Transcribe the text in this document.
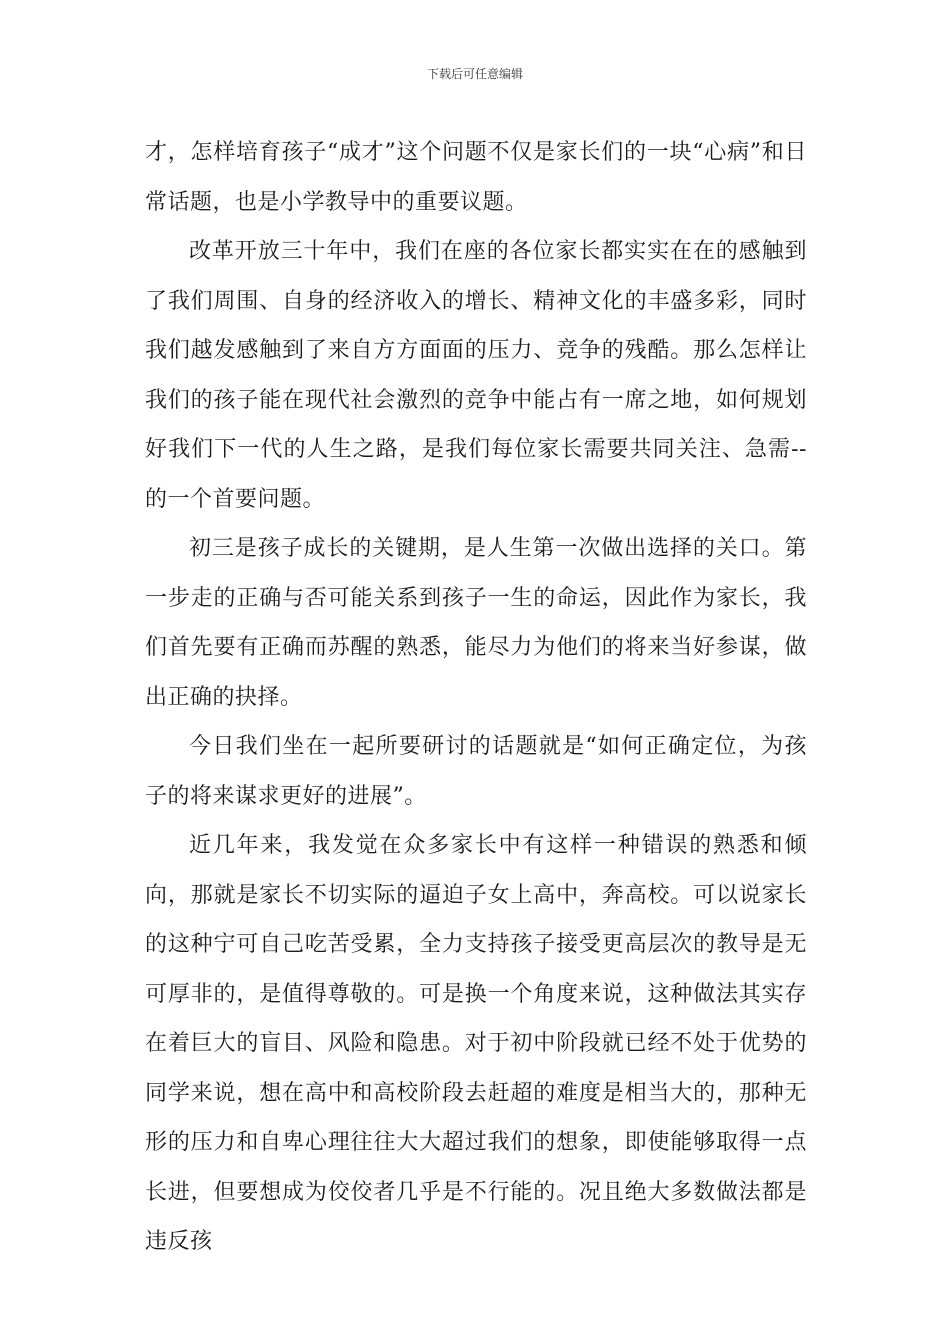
下载后可任意编辑

才，怎样培育孩子“成才”这个问题不仅是家长们的一块“心病”和日常话题，也是小学教导中的重要议题。

改革开放三十年中，我们在座的各位家长都实实在在的感触到了我们周围、自身的经济收入的增长、精神文化的丰盛多彩，同时我们越发感触到了来自方方面面的压力、竞争的残酷。那么怎样让我们的孩子能在现代社会激烈的竞争中能占有一席之地，如何规划好我们下一代的人生之路，是我们每位家长需要共同关注、急需--的一个首要问题。

初三是孩子成长的关键期，是人生第一次做出选择的关口。第一步走的正确与否可能关系到孩子一生的命运，因此作为家长，我们首先要有正确而苏醒的熟悉，能尽力为他们的将来当好参谋，做出正确的抉择。

今日我们坐在一起所要研讨的话题就是“如何正确定位，为孩子的将来谋求更好的进展”。

近几年来，我发觉在众多家长中有这样一种错误的熟悉和倾向，那就是家长不切实际的逼迫子女上高中，奔高校。可以说家长的这种宁可自己吃苦受累，全力支持孩子接受更高层次的教导是无可厚非的，是值得尊敬的。可是换一个角度来说，这种做法其实存在着巨大的盲目、风险和隐患。对于初中阶段就已经不处于优势的同学来说，想在高中和高校阶段去赶超的难度是相当大的，那种无形的压力和自卑心理往往大大超过我们的想象，即使能够取得一点长进，但要想成为佼佼者几乎是不行能的。况且绝大多数做法都是违反孩
